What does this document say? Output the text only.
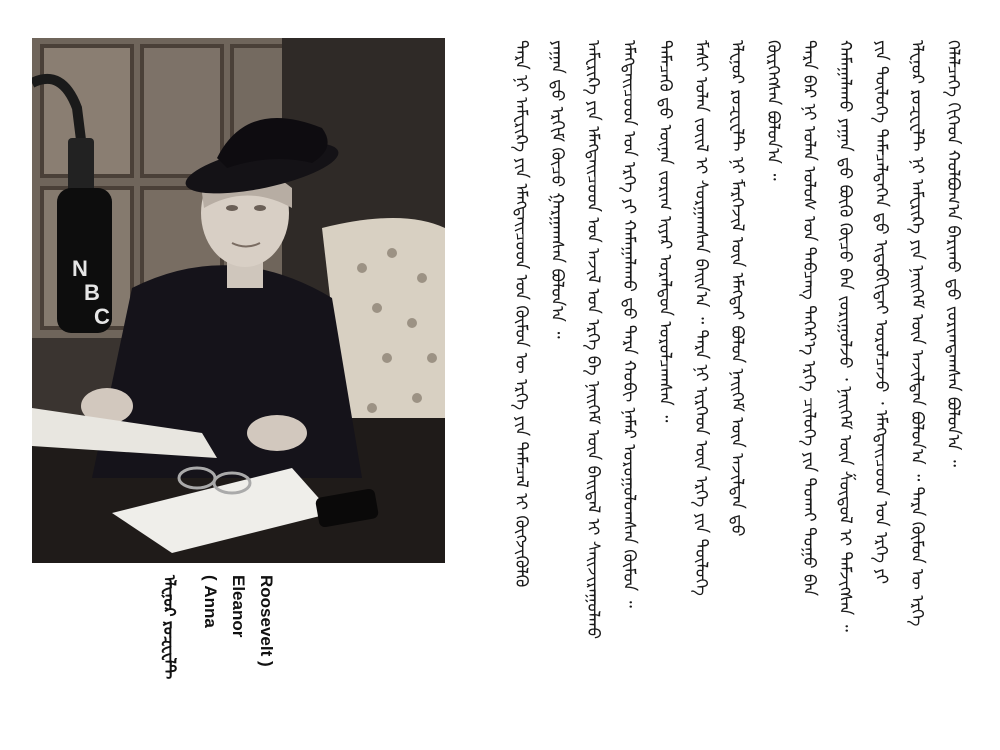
N
B
C
Roosevelt )
Eleanor
( Anna
ᠡᠯᠧᠨᠣᠷ ᠷᠣᠽᠸᠧᠯᠲ
ᠬᠡᠯᠡᠯᠴᠡᠭᠡ ᠬᠢᠭᠡᠳ ᠬᠣᠯᠪᠣᠭ᠎ᠠ ᠪᠠᠷᠢᠬᠤ ᠳ᠋ᠤ ᠵᠣᠷᠢᠭᠳᠠᠭᠰᠠᠨ ᠪᠣᠯᠤᠨ᠎ᠠ ᠃
ᠡᠯᠧᠨᠣᠷ ᠷᠣᠽᠸᠧᠯᠲ ᠨᠢ ᠠᠮᠧᠷᠢᠺᠠ ᠶᠢᠨ ᠨᠡᠢᠭᠡᠮ ᠦᠨ ᠠᠵᠢᠯᠲᠠᠨ ᠪᠣᠯᠤᠨ᠎ᠠ ᠃ ᠲᠡᠷᠡ ᠬᠦᠮᠦᠨ ᠦ ᠡᠷᠬᠡ
ᠶᠢᠨ ᠲᠦᠯᠦᠭᠡ ᠲᠡᠮᠡᠴᠡᠯᠳᠡᠭᠡᠨ ᠳ᠋ᠦ ᠢᠳᠡᠪᠬᠢᠲᠡᠶ ᠣᠷᠣᠯᠴᠠᠵᠤ ᠂ ᠡᠮᠡᠭᠲᠡᠢᠴᠤᠳ ᠤᠨ ᠡᠷᠬᠡ ᠶᠢ
ᠬᠠᠮᠠᠭᠠᠯᠠᠬᠤ ᠶᠠᠭᠠᠨ ᠳ᠋ᠤ ᠪᠦᠬᠦ ᠬᠦᠴᠦ ᠪᠡᠨ ᠵᠣᠷᠢᠭᠤᠯᠵᠤ ᠂ ᠨᠡᠢᠭᠡᠮ ᠦᠨ ᠱᠦᠳᠦᠯ ᠢ ᠳᠡᠮᠵᠢᠭᠰᠡᠨ ᠃
ᠲᠡᠷᠡ ᠪᠡᠷ ᠨᠢ ᠣᠯᠠᠨ ᠤᠯᠤᠰ ᠤᠨ ᠲᠠᠪᠴᠠᠩ ᠳᠡᠭᠡᠷ᠎ᠡ ᠡᠷᠬᠡ ᠴᠢᠯᠦᠭᠡ ᠶᠢᠨ ᠲᠤᠬᠠᠢ ᠳᠤᠭᠤ ᠪᠡᠨ
ᠬᠦᠷᠭᠡᠭᠰᠡᠨ ᠪᠣᠯᠤᠨ᠎ᠠ ᠃
ᠡᠯᠧᠨᠣᠷ ᠷᠣᠽᠸᠧᠯᠲ ᠨᠢ ᠮᠡᠷᠭᠡᠵᠢᠯ ᠦᠨ ᠡᠮᠡᠭᠲᠡᠢ ᠪᠣᠯᠤᠨ ᠨᠡᠢᠭᠡᠮ ᠦᠨ ᠠᠵᠢᠯᠲᠠᠨ ᠳ᠋ᠤ
ᠮᠠᠰᠢ ᠣᠯᠠᠨ ᠵᠦᠢᠯ ᠢ ᠰᠤᠷᠭᠠᠭᠰᠠᠨ ᠪᠠᠢᠨ᠎ᠠ ᠃ ᠲᠡᠷᠡ ᠨᠢ ᠢᠷᠭᠡᠳ ᠦᠨ ᠡᠷᠬᠡ ᠶᠢᠨ ᠲᠦᠯᠦᠭᠡ
ᠲᠡᠮᠡᠴᠡᠬᠦ ᠳ᠋ᠦ ᠦᠨᠡᠨ ᠵᠣᠷᠢᠭ ᠢᠶᠠᠷ ᠤᠷᠠᠯᠳᠤᠨ ᠣᠷᠣᠯᠴᠠᠭᠰᠠᠨ ᠃
ᠡᠮᠡᠭᠲᠡᠢᠴᠤᠳ ᠤᠨ ᠡᠷᠬᠡ ᠶᠢ ᠬᠠᠮᠠᠭᠠᠯᠠᠬᠤ ᠳ᠋ᠤ ᠲᠡᠷᠡ ᠬᠤᠪᠢ ᠨᠡᠮᠡᠷ ᠣᠷᠤᠭᠤᠯᠤᠭᠰᠠᠨ ᠬᠦᠮᠦᠨ ᠃
ᠠᠮᠧᠷᠢᠺᠠ ᠶᠢᠨ ᠡᠮᠡᠭᠲᠡᠢᠴᠤᠳ ᠤᠨ ᠠᠵᠢᠯ ᠤᠨ ᠡᠷᠬᠡ ᠪᠠ ᠨᠡᠢᠭᠡᠮ ᠦᠨ ᠪᠠᠢᠳᠠᠯ ᠢ ᠰᠠᠢᠵᠢᠷᠠᠭᠤᠯᠬᠤ
ᠶᠠᠭᠠᠨ ᠳ᠋ᠤ ᠡᠷᠬᠢᠮ ᠬᠦᠴᠦ ᠭᠠᠷᠭᠠᠭᠰᠠᠨ ᠪᠣᠯᠤᠨ᠎ᠠ ᠃
ᠲᠡᠷᠡ ᠨᠢ ᠠᠮᠧᠷᠢᠺᠠ ᠶᠢᠨ ᠡᠮᠡᠭᠲᠡᠢᠴᠤᠳ ᠤᠨ ᠬᠦᠮᠦᠨ ᠦ ᠡᠷᠬᠡ ᠶᠢᠨ ᠲᠡᠮᠡᠴᠡᠯ ᠢ ᠬᠦᠭᠵᠢᠭᠦᠯᠬᠦ
